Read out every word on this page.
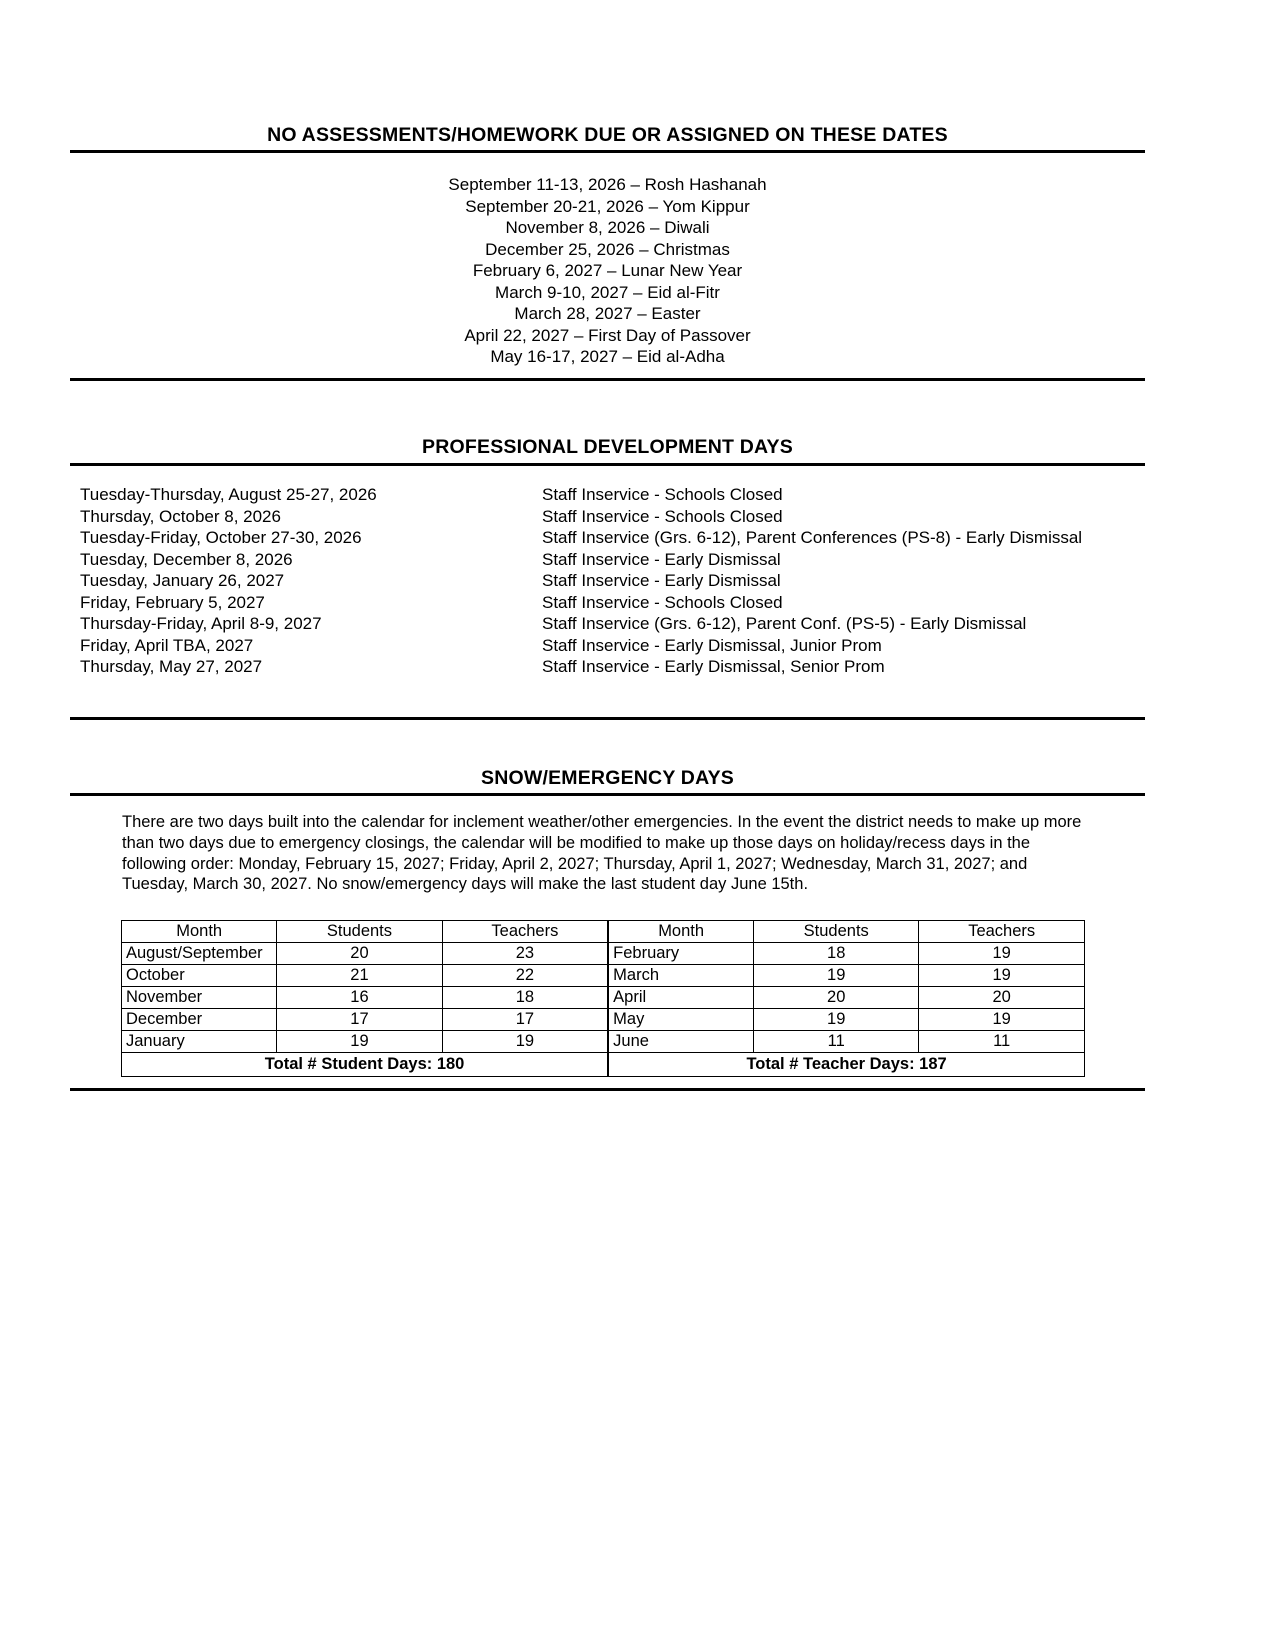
NO ASSESSMENTS/HOMEWORK DUE OR ASSIGNED ON THESE DATES
September 11-13, 2026 – Rosh Hashanah
September 20-21, 2026 – Yom Kippur
November 8, 2026 – Diwali
December 25, 2026 – Christmas
February 6, 2027 – Lunar New Year
March 9-10, 2027 – Eid al-Fitr
March 28, 2027 – Easter
April 22, 2027 – First Day of Passover
May 16-17, 2027 – Eid al-Adha
PROFESSIONAL DEVELOPMENT DAYS
Tuesday-Thursday, August 25-27, 2026	Staff Inservice - Schools Closed
Thursday, October 8, 2026	Staff Inservice - Schools Closed
Tuesday-Friday, October 27-30, 2026	Staff Inservice (Grs. 6-12), Parent Conferences (PS-8) - Early Dismissal
Tuesday, December 8, 2026	Staff Inservice - Early Dismissal
Tuesday, January 26, 2027	Staff Inservice - Early Dismissal
Friday, February 5, 2027	Staff Inservice - Schools Closed
Thursday-Friday, April 8-9, 2027	Staff Inservice (Grs. 6-12), Parent Conf. (PS-5) - Early Dismissal
Friday, April TBA, 2027	Staff Inservice - Early Dismissal, Junior Prom
Thursday, May 27, 2027	Staff Inservice - Early Dismissal, Senior Prom
SNOW/EMERGENCY DAYS
There are two days built into the calendar for inclement weather/other emergencies. In the event the district needs to make up more than two days due to emergency closings, the calendar will be modified to make up those days on holiday/recess days in the following order: Monday, February 15, 2027; Friday, April 2, 2027; Thursday, April 1, 2027; Wednesday, March 31, 2027; and Tuesday, March 30, 2027. No snow/emergency days will make the last student day June 15th.
Month	Students	Teachers	Month	Students	Teachers
August/September	20	23	February	18	19
October	21	22	March	19	19
November	16	18	April	20	20
December	17	17	May	19	19
January	19	19	June	11	11
Total # Student Days: 180			Total # Teacher Days: 187		
